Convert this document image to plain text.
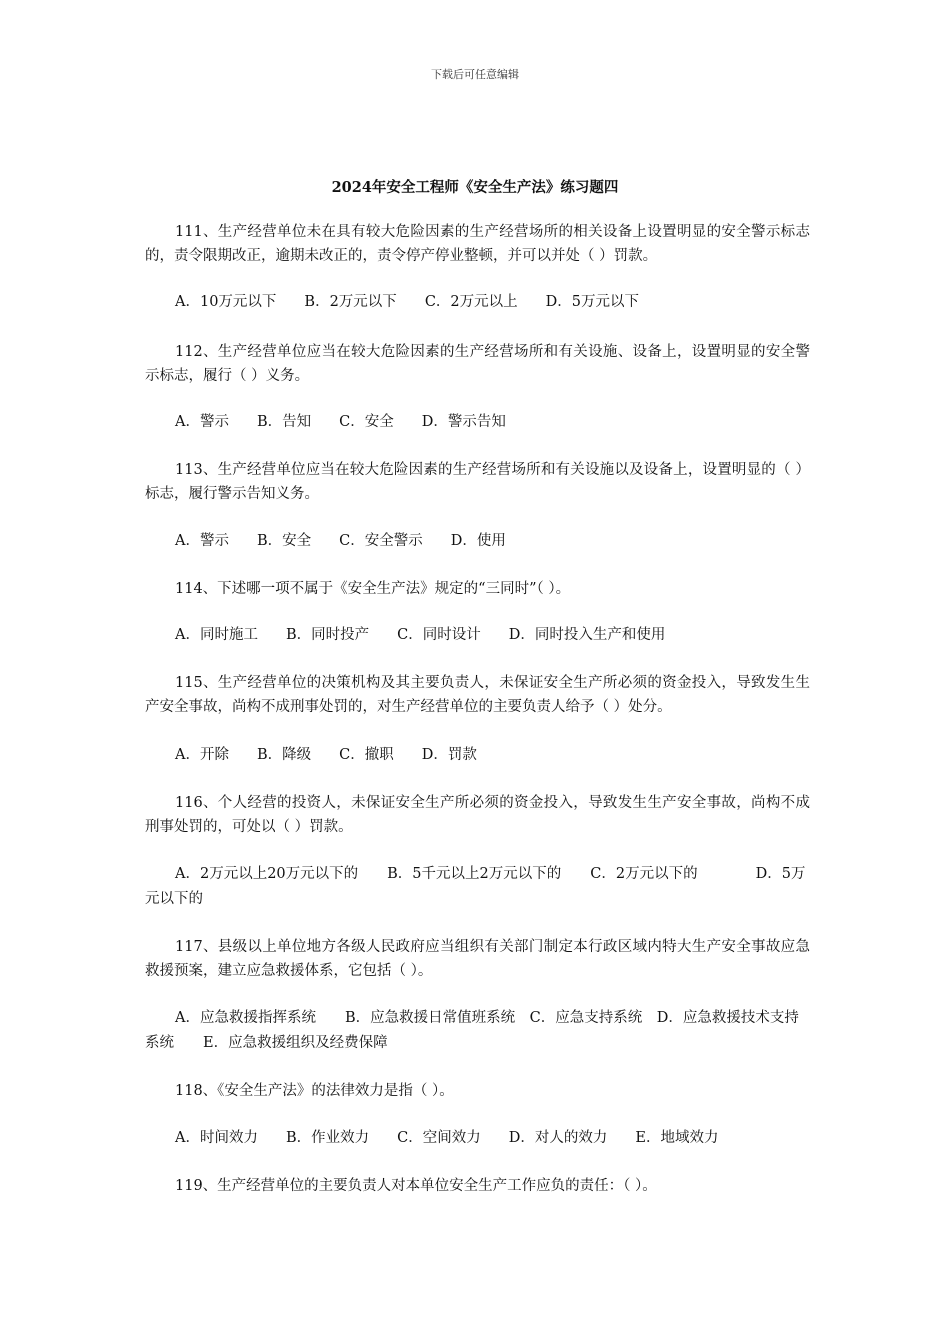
下载后可任意编辑
2024年安全工程师《安全生产法》练习题四
111、生产经营单位未在具有较大危险因素的生产经营场所的相关设备上设置明显的安全警示标志的，责令限期改正，逾期未改正的，责令停产停业整顿，并可以并处（ ）罚款。
A．10万元以下 B．2万元以下 C．2万元以上 D．5万元以下
112、生产经营单位应当在较大危险因素的生产经营场所和有关设施、设备上，设置明显的安全警示标志，履行（ ）义务。
A．警示 B．告知 C．安全 D．警示告知
113、生产经营单位应当在较大危险因素的生产经营场所和有关设施以及设备上，设置明显的（ ）标志，履行警示告知义务。
A．警示 B．安全 C．安全警示 D．使用
114、下述哪一项不属于《安全生产法》规定的“三同时”（ ）。
A．同时施工 B．同时投产 C．同时设计 D．同时投入生产和使用
115、生产经营单位的决策机构及其主要负责人，未保证安全生产所必须的资金投入，导致发生生产安全事故，尚构不成刑事处罚的，对生产经营单位的主要负责人给予（ ）处分。
A．开除 B．降级 C．撤职 D．罚款
116、个人经营的投资人，未保证安全生产所必须的资金投入，导致发生生产安全事故，尚构不成刑事处罚的，可处以（ ）罚款。
A．2万元以上20万元以下的　　B．5千元以上2万元以下的　　C．2万元以下的　　　　D．5万元以下的
117、县级以上单位地方各级人民政府应当组织有关部门制定本行政区域内特大生产安全事故应急救援预案，建立应急救援体系，它包括（ ）。
A．应急救援指挥系统　　B．应急救援日常值班系统　C．应急支持系统　D．应急救援技术支持系统　　E．应急救援组织及经费保障
118、《安全生产法》的法律效力是指（ ）。
A．时间效力 B．作业效力 C．空间效力 D．对人的效力 E．地域效力
119、生产经营单位的主要负责人对本单位安全生产工作应负的责任：（ ）。
